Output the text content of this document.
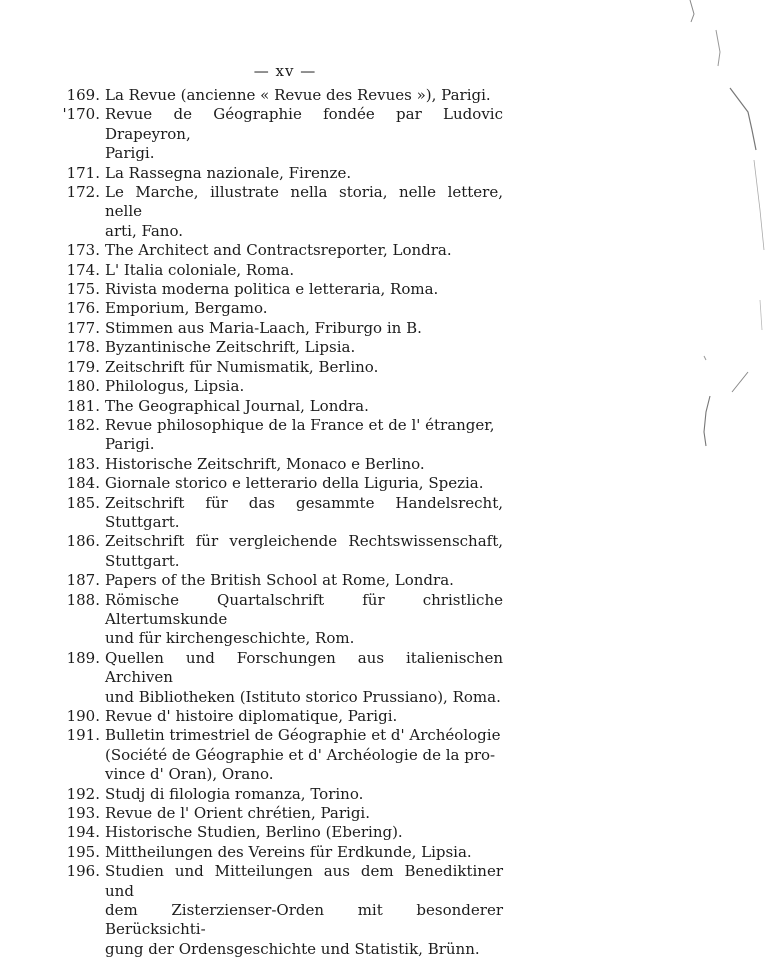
— xv —
169. La Revue (ancienne « Revue des Revues »), Parigi.
'170. Revue de Géographie fondée par Ludovic Drapeyron,
Parigi.
171. La Rassegna nazionale, Firenze.
172. Le Marche, illustrate nella storia, nelle lettere, nelle
arti, Fano.
173. The Architect and Contractsreporter, Londra.
174. L' Italia coloniale, Roma.
175. Rivista moderna politica e letteraria, Roma.
176. Emporium, Bergamo.
177. Stimmen aus Maria-Laach, Friburgo in B.
178. Byzantinische Zeitschrift, Lipsia.
179. Zeitschrift für Numismatik, Berlino.
180. Philologus, Lipsia.
181. The Geographical Journal, Londra.
182. Revue philosophique de la France et de l' étranger,
Parigi.
183. Historische Zeitschrift, Monaco e Berlino.
184. Giornale storico e letterario della Liguria, Spezia.
185. Zeitschrift für das gesammte Handelsrecht, Stuttgart.
186. Zeitschrift für vergleichende Rechtswissenschaft, Stuttgart.
187. Papers of the British School at Rome, Londra.
188. Römische Quartalschrift für christliche Altertumskunde
und für kirchengeschichte, Rom.
189. Quellen und Forschungen aus italienischen Archiven
und Bibliotheken (Istituto storico Prussiano), Roma.
190. Revue d' histoire diplomatique, Parigi.
191. Bulletin trimestriel de Géographie et d' Archéologie
(Société de Géographie et d' Archéologie de la pro-
vince d' Oran), Orano.
192. Studj di filologia romanza, Torino.
193. Revue de l' Orient chrétien, Parigi.
194. Historische Studien, Berlino (Ebering).
195. Mittheilungen des Vereins für Erdkunde, Lipsia.
196. Studien und Mitteilungen aus dem Benediktiner und
dem Zisterzienser-Orden mit besonderer Berücksichti-
gung der Ordensgeschichte und Statistik, Brünn.
